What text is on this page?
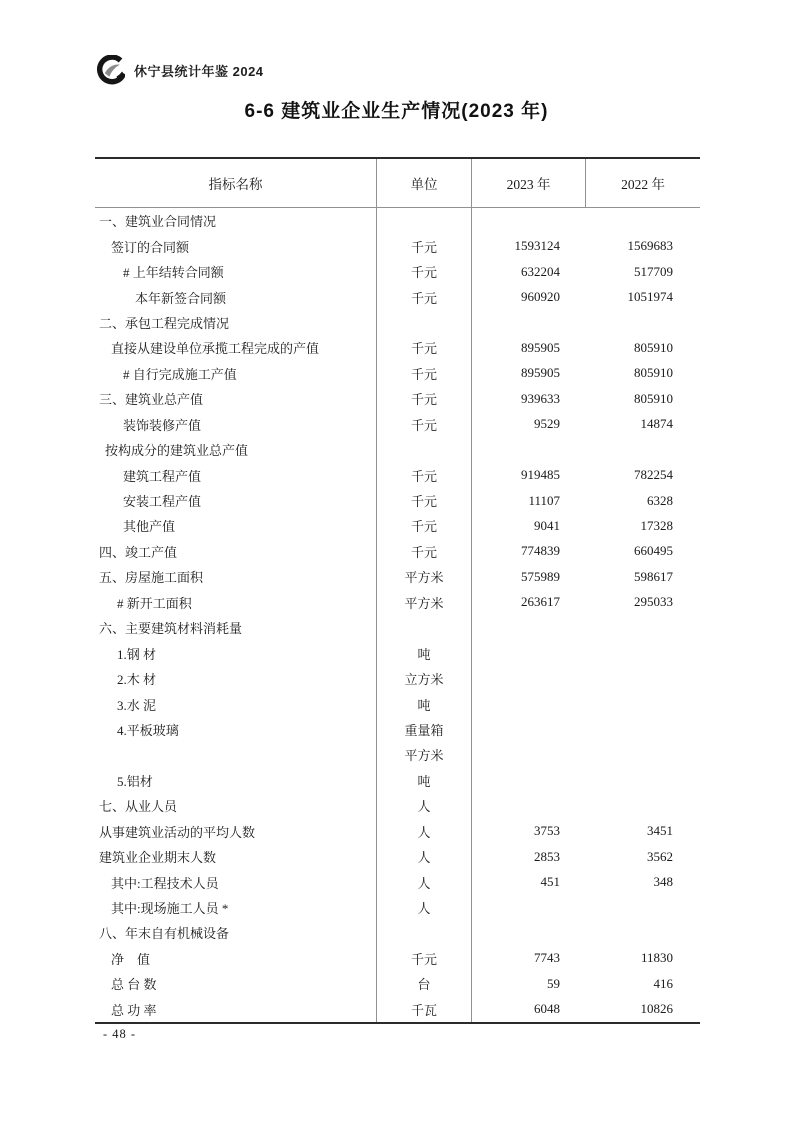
休宁县统计年鉴 2024
6-6 建筑业企业生产情况(2023 年)
指标名称	单位	2023 年	2022 年
一、建筑业合同情况
签订的合同额	千元	1593124	1569683
# 上年结转合同额	千元	632204	517709
本年新签合同额	千元	960920	1051974
二、承包工程完成情况
直接从建设单位承揽工程完成的产值	千元	895905	805910
# 自行完成施工产值	千元	895905	805910
三、建筑业总产值	千元	939633	805910
装饰装修产值	千元	9529	14874
按构成分的建筑业总产值
建筑工程产值	千元	919485	782254
安装工程产值	千元	11107	6328
其他产值	千元	9041	17328
四、竣工产值	千元	774839	660495
五、房屋施工面积	平方米	575989	598617
# 新开工面积	平方米	263617	295033
六、主要建筑材料消耗量
1.钢 材	吨
2.木 材	立方米
3.水 泥	吨
4.平板玻璃	重量箱
平方米
5.铝材	吨
七、从业人员	人
从事建筑业活动的平均人数	人	3753	3451
建筑业企业期末人数	人	2853	3562
其中:工程技术人员	人	451	348
其中:现场施工人员 *	人
八、年末自有机械设备
净　值	千元	7743	11830
总 台 数	台	59	416
总 功 率	千瓦	6048	10826
- 48 -
